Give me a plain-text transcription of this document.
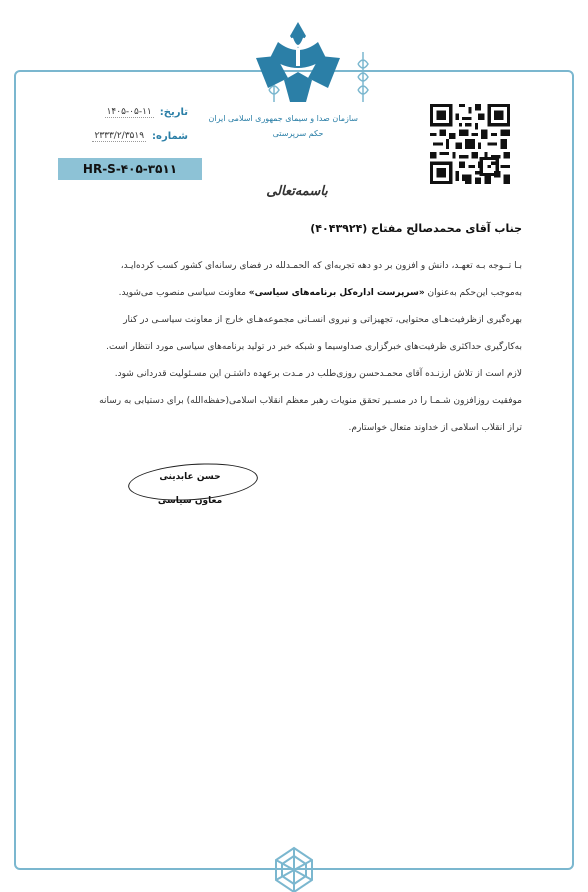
سازمان صدا و سیمای جمهوری اسلامی ایران
حکم سرپرستی
تاریخ:
۱۴۰۵-۰۵-۱۱
شماره:
۲۳۳۳/۲/۳۵۱۹
HR-S-۴۰۵-۳۵۱۱
باسمه‌تعالی
جناب آقای محمدصالح مفتاح (۴۰۴۳۹۲۴)
بـا تــوجه بـه تعهـد، دانش و افزون بر دو دهه تجربه‌ای که الحمـدلله در فضای رسانه‌ای کشور کسب کرده‌ایـد،
به‌موجب این‌حکم به‌عنوان «سرپرست اداره‌کل برنامه‌های سیاسی» معاونت سیاسی منصوب می‌شوید.
بهره‌گیری ازظرفیت‌هـای محتوایی، تجهیزاتی و نیروی انسـانی مجموعه‌هـای خارج از معاونت سیاسـی در کنار
به‌کارگیری حداکثری ظرفیت‌های خبرگزاری صداوسیما و شبکه خبر در تولید برنامه‌های سیاسی مورد انتظار است.
لازم است از تلاش ارزنـده آقای محمـدحسن روزی‌طلب در مـدت برعهده داشتـن این مسـئولیت قدردانی شود.
موفقیت روزافزون شـمـا را در مسـیر تحقق منویات رهبر معظم انقلاب اسلامی(حفظه‌الله) برای دستیابی به رسانه
تراز انقلاب اسلامی از خداوند متعال خواستارم.
حسن عابدینی
معاون سیاسی
